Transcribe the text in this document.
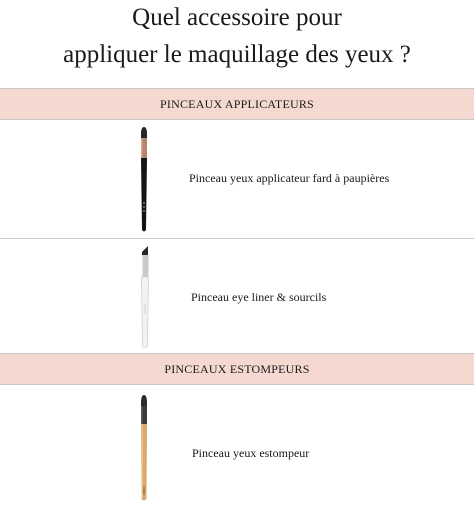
Quel accessoire pour
appliquer le maquillage des yeux ?
PINCEAUX APPLICATEURS
Pinceau yeux applicateur fard à paupières
Pinceau eye liner & sourcils
PINCEAUX ESTOMPEURS
Pinceau yeux estompeur
